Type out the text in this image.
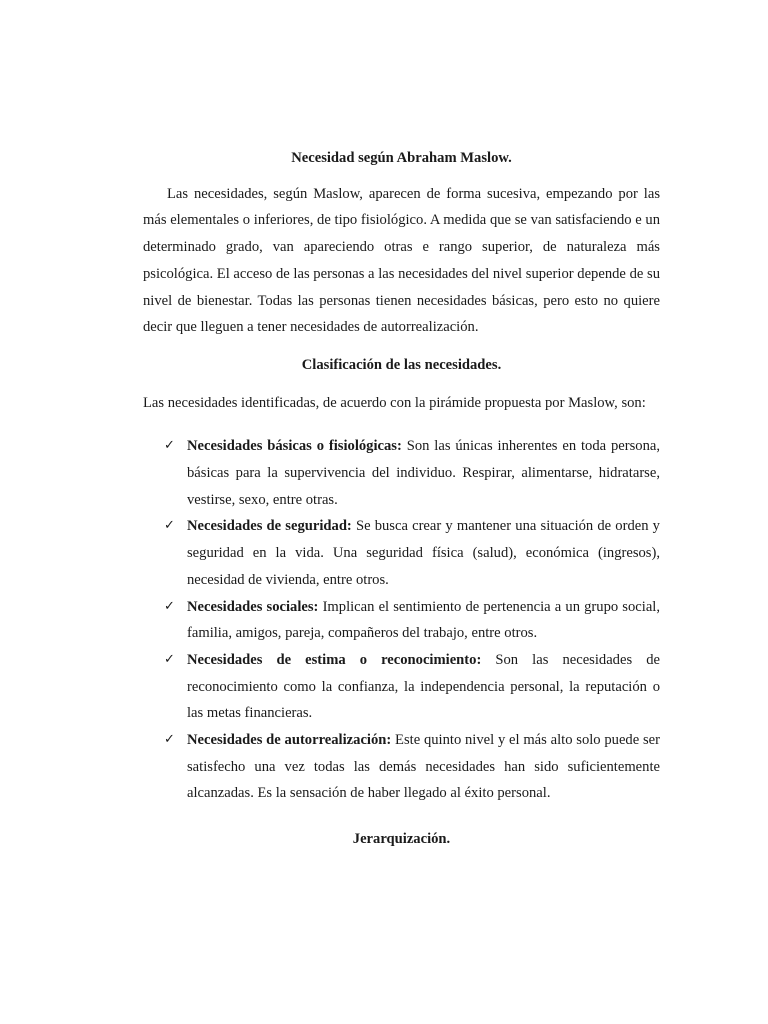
Necesidad según Abraham Maslow.

Las necesidades, según Maslow, aparecen de forma sucesiva, empezando por las más elementales o inferiores, de tipo fisiológico. A medida que se van satisfaciendo e un determinado grado, van apareciendo otras e rango superior, de naturaleza más psicológica. El acceso de las personas a las necesidades del nivel superior depende de su nivel de bienestar. Todas las personas tienen necesidades básicas, pero esto no quiere decir que lleguen a tener necesidades de autorrealización.

Clasificación de las necesidades.

Las necesidades identificadas, de acuerdo con la pirámide propuesta por Maslow, son:

✓ Necesidades básicas o fisiológicas: Son las únicas inherentes en toda persona, básicas para la supervivencia del individuo. Respirar, alimentarse, hidratarse, vestirse, sexo, entre otras.
✓ Necesidades de seguridad: Se busca crear y mantener una situación de orden y seguridad en la vida. Una seguridad física (salud), económica (ingresos), necesidad de vivienda, entre otros.
✓ Necesidades sociales: Implican el sentimiento de pertenencia a un grupo social, familia, amigos, pareja, compañeros del trabajo, entre otros.
✓ Necesidades de estima o reconocimiento: Son las necesidades de reconocimiento como la confianza, la independencia personal, la reputación o las metas financieras.
✓ Necesidades de autorrealización: Este quinto nivel y el más alto solo puede ser satisfecho una vez todas las demás necesidades han sido suficientemente alcanzadas. Es la sensación de haber llegado al éxito personal.

Jerarquización.
